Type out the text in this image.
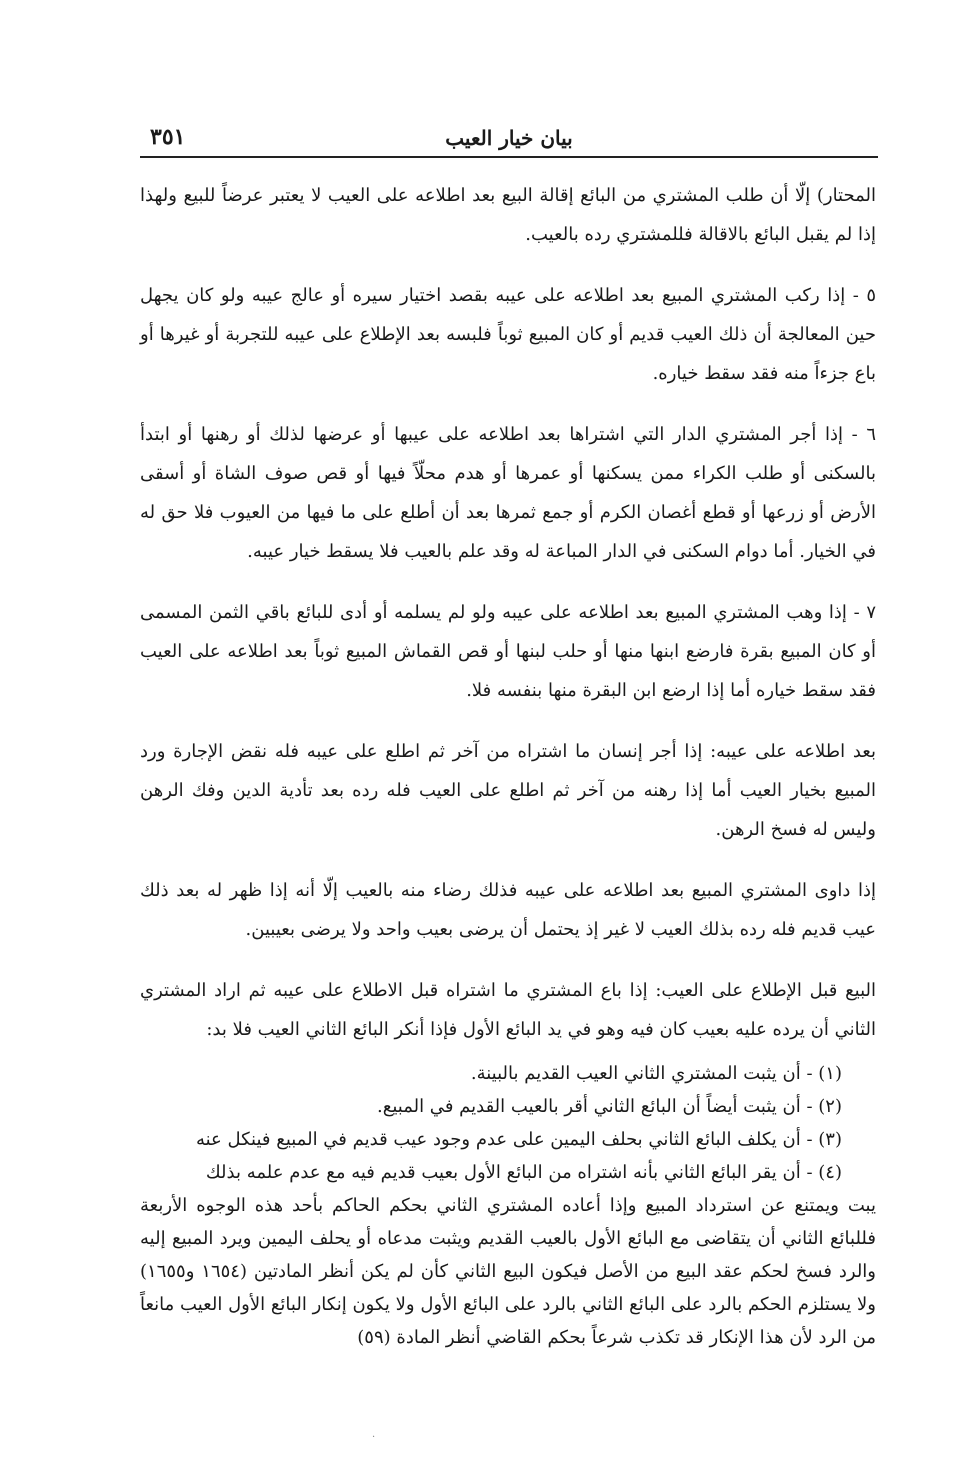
٣٥١	بيان خيار العيب

المحتار) إلّا أن طلب المشتري من البائع إقالة البيع بعد اطلاعه على العيب لا يعتبر عرضاً للبيع ولهذا إذا لم يقبل البائع بالاقالة فللمشتري رده بالعيب.

٥ - إذا ركب المشتري المبيع بعد اطلاعه على عيبه بقصد اختيار سيره أو عالج عيبه ولو كان يجهل حين المعالجة أن ذلك العيب قديم أو كان المبيع ثوباً فلبسه بعد الإطلاع على عيبه للتجربة أو غيرها أو باع جزءاً منه فقد سقط خياره.

٦ - إذا أجر المشتري الدار التي اشتراها بعد اطلاعه على عيبها أو عرضها لذلك أو رهنها أو ابتدأ بالسكنى أو طلب الكراء ممن يسكنها أو عمرها أو هدم محلّاً فيها أو قص صوف الشاة أو أسقى الأرض أو زرعها أو قطع أغصان الكرم أو جمع ثمرها بعد أن أطلع على ما فيها من العيوب فلا حق له في الخيار. أما دوام السكنى في الدار المباعة له وقد علم بالعيب فلا يسقط خيار عيبه.

٧ - إذا وهب المشتري المبيع بعد اطلاعه على عيبه ولو لم يسلمه أو أدى للبائع باقي الثمن المسمى أو كان المبيع بقرة فارضع ابنها منها أو حلب لبنها أو قص القماش المبيع ثوباً بعد اطلاعه على العيب فقد سقط خياره أما إذا ارضع ابن البقرة منها بنفسه فلا.

بعد اطلاعه على عيبه: إذا أجر إنسان ما اشتراه من آخر ثم اطلع على عيبه فله نقض الإجارة ورد المبيع بخيار العيب أما إذا رهنه من آخر ثم اطلع على العيب فله رده بعد تأدية الدين وفك الرهن وليس له فسخ الرهن.

إذا داوى المشتري المبيع بعد اطلاعه على عيبه فذلك رضاء منه بالعيب إلّا أنه إذا ظهر له بعد ذلك عيب قديم فله رده بذلك العيب لا غير إذ يحتمل أن يرضى بعيب واحد ولا يرضى بعيبين.

البيع قبل الإطلاع على العيب: إذا باع المشتري ما اشتراه قبل الاطلاع على عيبه ثم اراد المشتري الثاني أن يرده عليه بعيب كان فيه وهو في يد البائع الأول فإذا أنكر البائع الثاني العيب فلا بد:

(١) - أن يثبت المشتري الثاني العيب القديم بالبينة.
(٢) - أن يثبت أيضاً أن البائع الثاني أقر بالعيب القديم في المبيع.
(٣) - أن يكلف البائع الثاني بحلف اليمين على عدم وجود عيب قديم في المبيع فينكل عنه
(٤) - أن يقر البائع الثاني بأنه اشتراه من البائع الأول بعيب قديم فيه مع عدم علمه بذلك

يبت ويمتنع عن استرداد المبيع وإذا أعاده المشتري الثاني بحكم الحاكم بأحد هذه الوجوه الأربعة فللبائع الثاني أن يتقاضى مع البائع الأول بالعيب القديم ويثبت مدعاه أو يحلف اليمين ويرد المبيع إليه والرد فسخ لحكم عقد البيع من الأصل فيكون البيع الثاني كأن لم يكن أنظر المادتين (١٦٥٤ و١٦٥٥) ولا يستلزم الحكم بالرد على البائع الثاني بالرد على البائع الأول ولا يكون إنكار البائع الأول العيب مانعاً من الرد لأن هذا الإنكار قد تكذب شرعاً بحكم القاضي أنظر المادة (٥٩)

·
